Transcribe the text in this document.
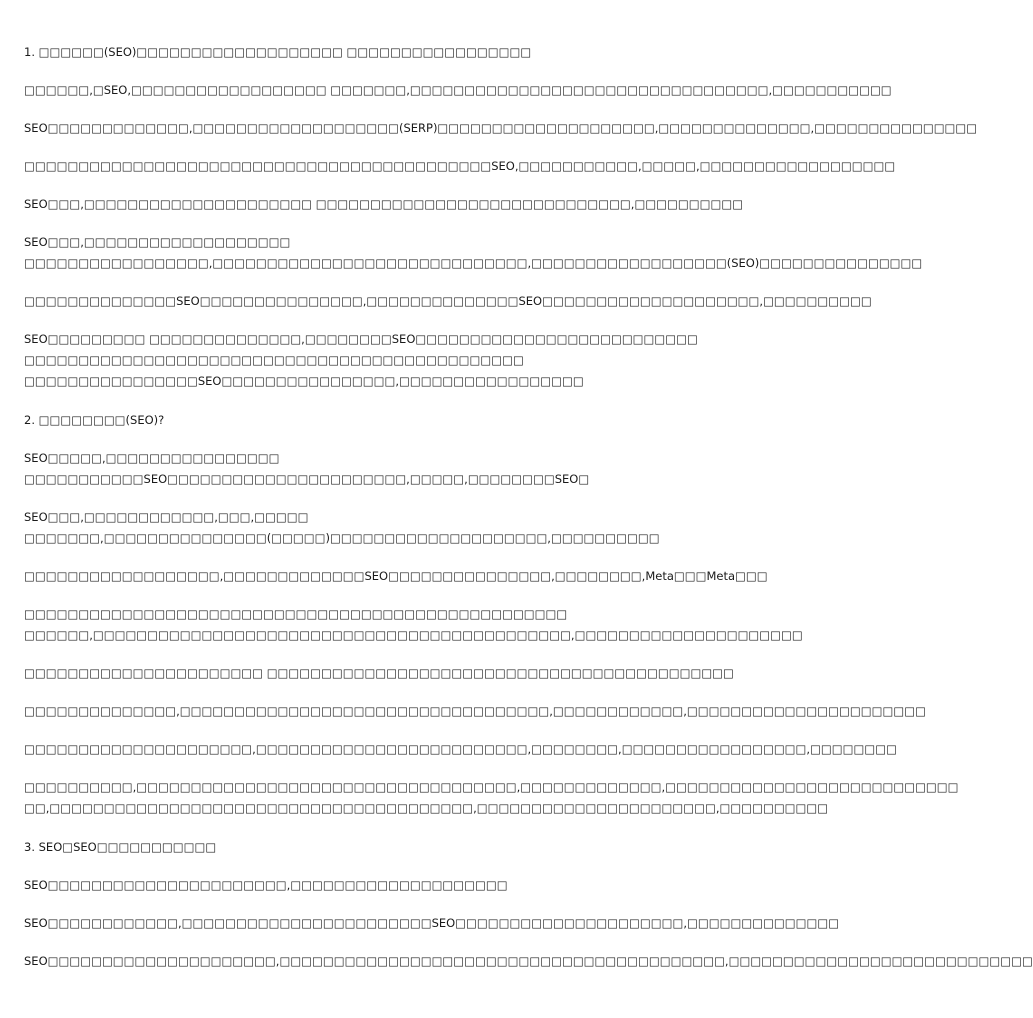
1. □□□□□□(SEO)□□□□□□□□□□□□□□□□□□□ □□□□□□□□□□□□□□□□□

□□□□□□,□SEO,□□□□□□□□□□□□□□□□□□ □□□□□□□,□□□□□□□□□□□□□□□□□□□□□□□□□□□□□□□□□,□□□□□□□□□□□

SEO□□□□□□□□□□□□□,□□□□□□□□□□□□□□□□□□□(SERP)□□□□□□□□□□□□□□□□□□□□,□□□□□□□□□□□□□□,□□□□□□□□□□□□□□□

□□□□□□□□□□□□□□□□□□□□□□□□□□□□□□□□□□□□□□□□□□□SEO,□□□□□□□□□□□,□□□□□,□□□□□□□□□□□□□□□□□□

SEO□□□,□□□□□□□□□□□□□□□□□□□□□ □□□□□□□□□□□□□□□□□□□□□□□□□□□□□,□□□□□□□□□□

SEO□□□,□□□□□□□□□□□□□□□□□□□

□□□□□□□□□□□□□□□□□,□□□□□□□□□□□□□□□□□□□□□□□□□□□□□,□□□□□□□□□□□□□□□□□□(SEO)□□□□□□□□□□□□□□□

□□□□□□□□□□□□□□SEO□□□□□□□□□□□□□□□,□□□□□□□□□□□□□□SEO□□□□□□□□□□□□□□□□□□□□,□□□□□□□□□□

SEO□□□□□□□□□ □□□□□□□□□□□□□□,□□□□□□□□SEO□□□□□□□□□□□□□□□□□□□□□□□□□□

□□□□□□□□□□□□□□□□□□□□□□□□□□□□□□□□□□□□□□□□□□□□□□

□□□□□□□□□□□□□□□□SEO□□□□□□□□□□□□□□□□,□□□□□□□□□□□□□□□□□

2. □□□□□□□□(SEO)?

SEO□□□□□,□□□□□□□□□□□□□□□□

□□□□□□□□□□□SEO□□□□□□□□□□□□□□□□□□□□□□,□□□□□,□□□□□□□□SEO□

SEO□□□,□□□□□□□□□□□□,□□□,□□□□□

□□□□□□□,□□□□□□□□□□□□□□□(□□□□□)□□□□□□□□□□□□□□□□□□□□,□□□□□□□□□□

□□□□□□□□□□□□□□□□□□,□□□□□□□□□□□□□SEO□□□□□□□□□□□□□□□,□□□□□□□□,Meta□□□Meta□□□

□□□□□□□□□□□□□□□□□□□□□□□□□□□□□□□□□□□□□□□□□□□□□□□□□□

□□□□□□,□□□□□□□□□□□□□□□□□□□□□□□□□□□□□□□□□□□□□□□□□□□□,□□□□□□□□□□□□□□□□□□□□□

□□□□□□□□□□□□□□□□□□□□□□ □□□□□□□□□□□□□□□□□□□□□□□□□□□□□□□□□□□□□□□□□□□

□□□□□□□□□□□□□□,□□□□□□□□□□□□□□□□□□□□□□□□□□□□□□□□□□,□□□□□□□□□□□□,□□□□□□□□□□□□□□□□□□□□□□

□□□□□□□□□□□□□□□□□□□□□,□□□□□□□□□□□□□□□□□□□□□□□□□,□□□□□□□□,□□□□□□□□□□□□□□□□□,□□□□□□□□

□□□□□□□□□□,□□□□□□□□□□□□□□□□□□□□□□□□□□□□□□□□□□□,□□□□□□□□□□□□□,□□□□□□□□□□□□□□□□□□□□□□□□□□□

□□,□□□□□□□□□□□□□□□□□□□□□□□□□□□□□□□□□□□□□□□,□□□□□□□□□□□□□□□□□□□□□□,□□□□□□□□□□

3. SEO□SEO□□□□□□□□□□□

SEO□□□□□□□□□□□□□□□□□□□□□□,□□□□□□□□□□□□□□□□□□□□

SEO□□□□□□□□□□□□,□□□□□□□□□□□□□□□□□□□□□□□SEO□□□□□□□□□□□□□□□□□□□□□,□□□□□□□□□□□□□□

SEO□□□□□□□□□□□□□□□□□□□□□,□□□□□□□□□□□□□□□□□□□□□□□□□□□□□□□□□□□□□□□□□,□□□□□□□□□□□□□□□□□□□□□□□□□□□□
